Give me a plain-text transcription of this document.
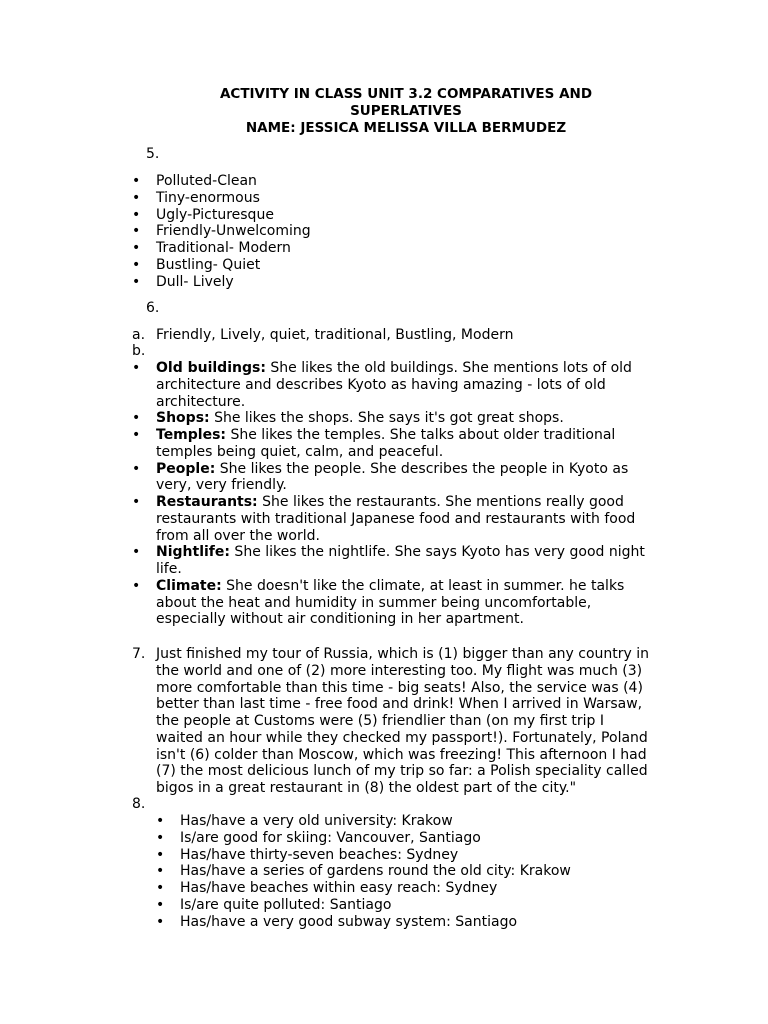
ACTIVITY IN CLASS UNIT 3.2 COMPARATIVES AND
SUPERLATIVES
NAME: JESSICA MELISSA VILLA BERMUDEZ
5.
• Polluted-Clean
• Tiny-enormous
• Ugly-Picturesque
• Friendly-Unwelcoming
• Traditional- Modern
• Bustling- Quiet
• Dull- Lively
6.
a. Friendly, Lively, quiet, traditional, Bustling, Modern
b.
• Old buildings: She likes the old buildings. She mentions lots of old
architecture and describes Kyoto as having amazing - lots of old
architecture.
• Shops: She likes the shops. She says it's got great shops.
• Temples: She likes the temples. She talks about older traditional
temples being quiet, calm, and peaceful.
• People: She likes the people. She describes the people in Kyoto as
very, very friendly.
• Restaurants: She likes the restaurants. She mentions really good
restaurants with traditional Japanese food and restaurants with food
from all over the world.
• Nightlife: She likes the nightlife. She says Kyoto has very good night
life.
• Climate: She doesn't like the climate, at least in summer. he talks
about the heat and humidity in summer being uncomfortable,
especially without air conditioning in her apartment.
7. Just finished my tour of Russia, which is (1) bigger than any country in
the world and one of (2) more interesting too. My flight was much (3)
more comfortable than this time - big seats! Also, the service was (4)
better than last time - free food and drink! When I arrived in Warsaw,
the people at Customs were (5) friendlier than (on my first trip I
waited an hour while they checked my passport!). Fortunately, Poland
isn't (6) colder than Moscow, which was freezing! This afternoon I had
(7) the most delicious lunch of my trip so far: a Polish speciality called
bigos in a great restaurant in (8) the oldest part of the city."
8.
• Has/have a very old university: Krakow
• Is/are good for skiing: Vancouver, Santiago
• Has/have thirty-seven beaches: Sydney
• Has/have a series of gardens round the old city: Krakow
• Has/have beaches within easy reach: Sydney
• Is/are quite polluted: Santiago
• Has/have a very good subway system: Santiago
